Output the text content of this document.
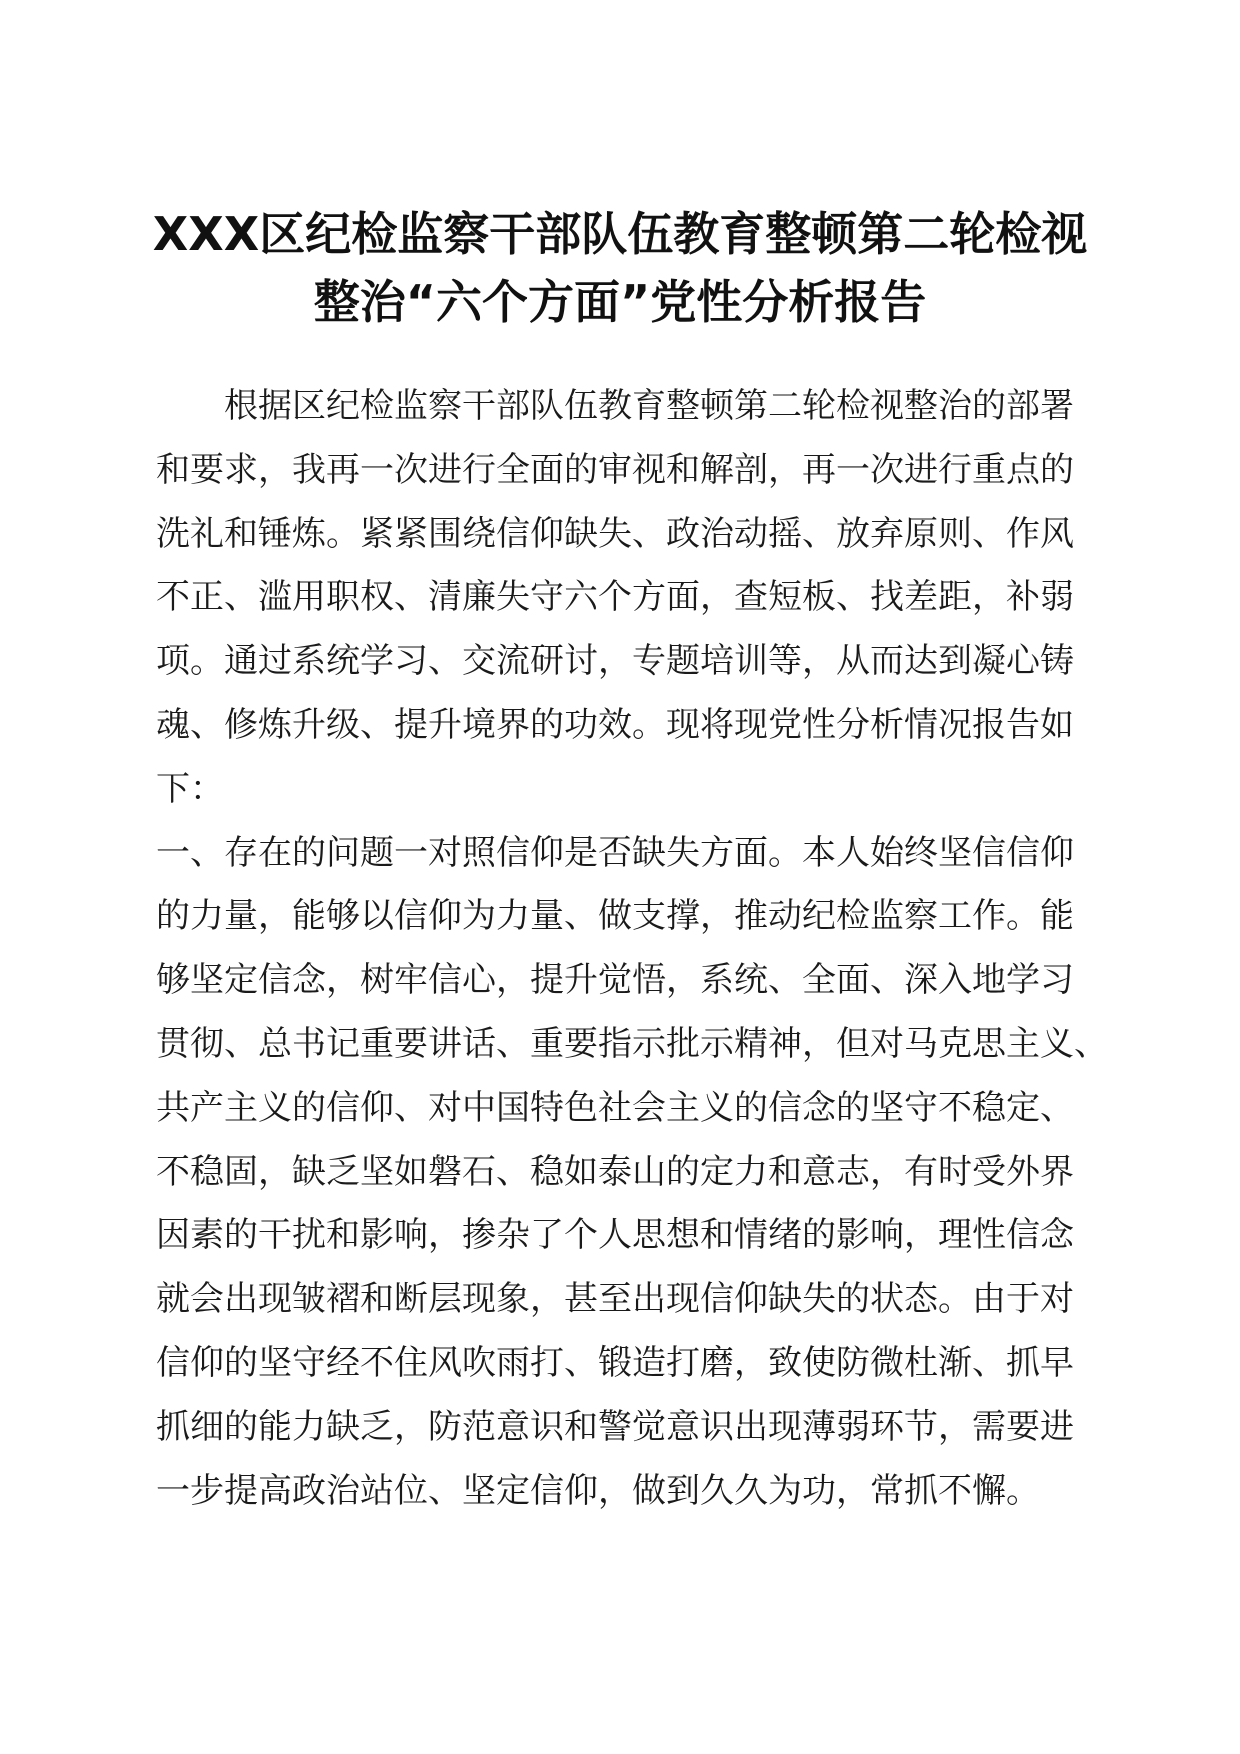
XXX区纪检监察干部队伍教育整顿第二轮检视
整治“六个方面”党性分析报告
根据区纪检监察干部队伍教育整顿第二轮检视整治的部署
和要求，我再一次进行全面的审视和解剖，再一次进行重点的
洗礼和锤炼。紧紧围绕信仰缺失、政治动摇、放弃原则、作风
不正、滥用职权、清廉失守六个方面，查短板、找差距，补弱
项。通过系统学习、交流研讨，专题培训等，从而达到凝心铸
魂、修炼升级、提升境界的功效。现将现党性分析情况报告如
下：
一、存在的问题一对照信仰是否缺失方面。本人始终坚信信仰
的力量，能够以信仰为力量、做支撑，推动纪检监察工作。能
够坚定信念，树牢信心，提升觉悟，系统、全面、深入地学习
贯彻、总书记重要讲话、重要指示批示精神，但对马克思主义、
共产主义的信仰、对中国特色社会主义的信念的坚守不稳定、
不稳固，缺乏坚如磐石、稳如泰山的定力和意志，有时受外界
因素的干扰和影响，掺杂了个人思想和情绪的影响，理性信念
就会出现皱褶和断层现象，甚至出现信仰缺失的状态。由于对
信仰的坚守经不住风吹雨打、锻造打磨，致使防微杜渐、抓早
抓细的能力缺乏，防范意识和警觉意识出现薄弱环节，需要进
一步提高政治站位、坚定信仰，做到久久为功，常抓不懈。
